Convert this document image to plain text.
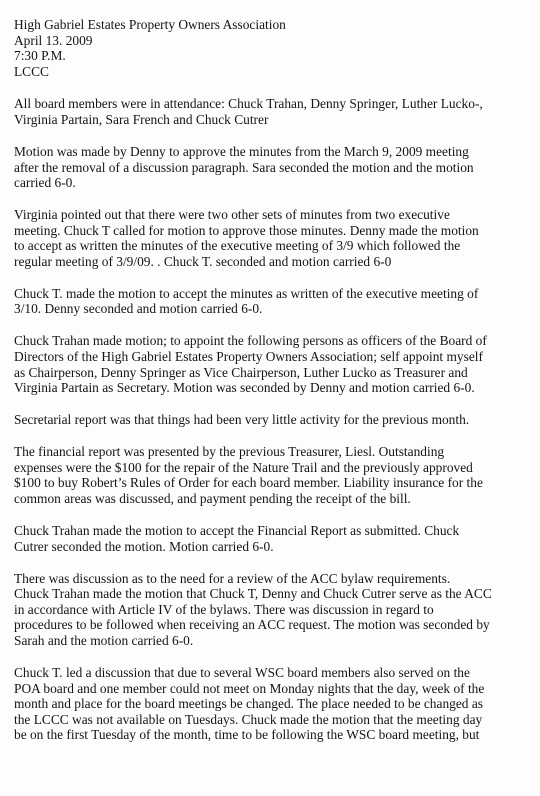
High Gabriel Estates Property Owners Association
April 13. 2009
7:30 P.M.
LCCC
All board members were in attendance: Chuck Trahan, Denny Springer, Luther Lucko-,
Virginia Partain, Sara French and Chuck Cutrer
Motion was made by Denny to approve the minutes from the March 9, 2009 meeting
after the removal of a discussion paragraph. Sara seconded the motion and the motion
carried 6-0.
Virginia pointed out that there were two other sets of minutes from two executive
meeting. Chuck T called for motion to approve those minutes. Denny made the motion
to accept as written the minutes of the executive meeting of 3/9 which followed the
regular meeting of 3/9/09. . Chuck T. seconded and motion carried 6-0
Chuck T. made the motion to accept the minutes as written of the executive meeting of
3/10. Denny seconded and motion carried 6-0.
Chuck Trahan made motion; to appoint the following persons as officers of the Board of
Directors of the High Gabriel Estates Property Owners Association; self appoint myself
as Chairperson, Denny Springer as Vice Chairperson, Luther Lucko as Treasurer and
Virginia Partain as Secretary. Motion was seconded by Denny and motion carried 6-0.
Secretarial report was that things had been very little activity for the previous month.
The financial report was presented by the previous Treasurer, Liesl. Outstanding
expenses were the $100 for the repair of the Nature Trail and the previously approved
$100 to buy Robert’s Rules of Order for each board member. Liability insurance for the
common areas was discussed, and payment pending the receipt of the bill.
Chuck Trahan made the motion to accept the Financial Report as submitted. Chuck
Cutrer seconded the motion. Motion carried 6-0.
There was discussion as to the need for a review of the ACC bylaw requirements.
Chuck Trahan made the motion that Chuck T, Denny and Chuck Cutrer serve as the ACC
in accordance with Article IV of the bylaws. There was discussion in regard to
procedures to be followed when receiving an ACC request. The motion was seconded by
Sarah and the motion carried 6-0.
Chuck T. led a discussion that due to several WSC board members also served on the
POA board and one member could not meet on Monday nights that the day, week of the
month and place for the board meetings be changed. The place needed to be changed as
the LCCC was not available on Tuesdays. Chuck made the motion that the meeting day
be on the first Tuesday of the month, time to be following the WSC board meeting, but
